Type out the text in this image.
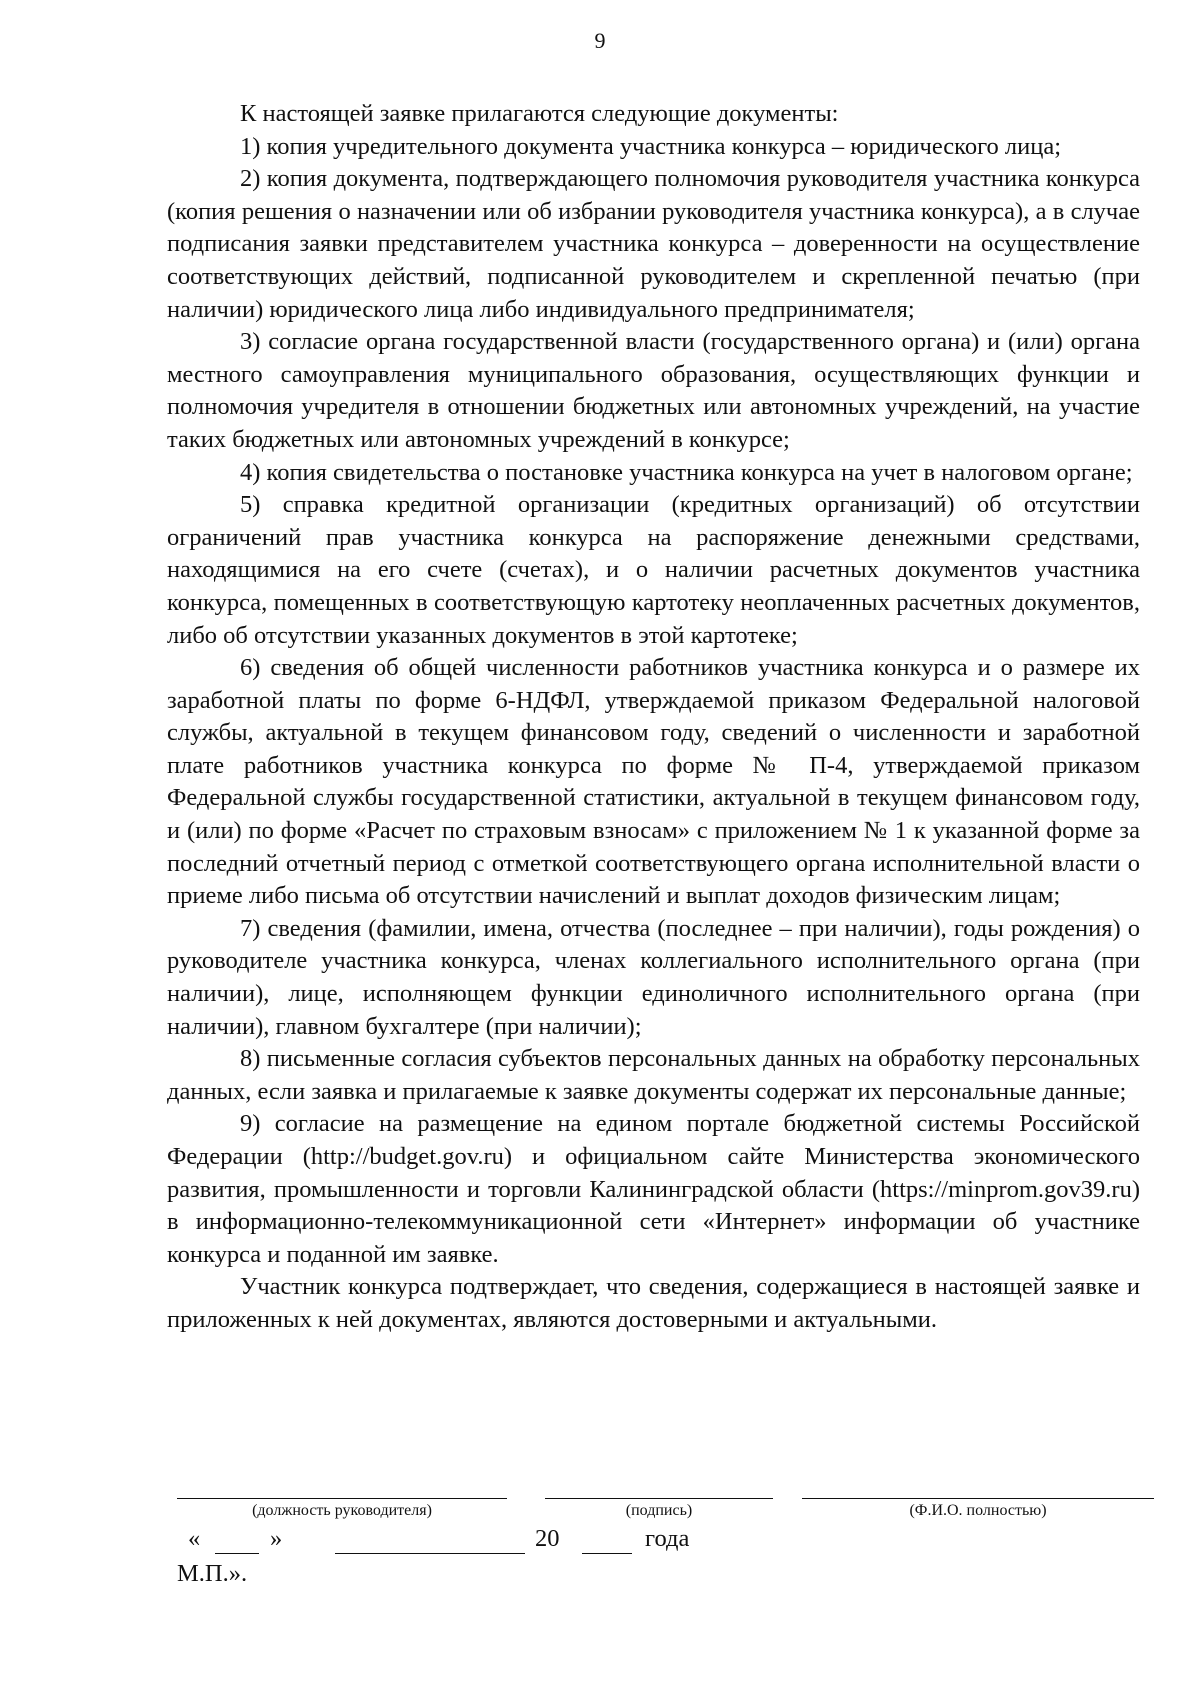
9

К настоящей заявке прилагаются следующие документы:

1) копия учредительного документа участника конкурса – юридического лица;

2) копия документа, подтверждающего полномочия руководителя участника конкурса (копия решения о назначении или об избрании руководителя участника конкурса), а в случае подписания заявки представителем участника конкурса – доверенности на осуществление соответствующих действий, подписанной руководителем и скрепленной печатью (при наличии) юридического лица либо индивидуального предпринимателя;

3) согласие органа государственной власти (государственного органа) и (или) органа местного самоуправления муниципального образования, осуществляющих функции и полномочия учредителя в отношении бюджетных или автономных учреждений, на участие таких бюджетных или автономных учреждений в конкурсе;

4) копия свидетельства о постановке участника конкурса на учет в налоговом органе;

5) справка кредитной организации (кредитных организаций) об отсутствии ограничений прав участника конкурса на распоряжение денежными средствами, находящимися на его счете (счетах), и о наличии расчетных документов участника конкурса, помещенных в соответствующую картотеку неоплаченных расчетных документов, либо об отсутствии указанных документов в этой картотеке;

6) сведения об общей численности работников участника конкурса и о размере их заработной платы по форме 6-НДФЛ, утверждаемой приказом Федеральной налоговой службы, актуальной в текущем финансовом году, сведений о численности и заработной плате работников участника конкурса по форме № П-4, утверждаемой приказом Федеральной службы государственной статистики, актуальной в текущем финансовом году, и (или) по форме «Расчет по страховым взносам» с приложением № 1 к указанной форме за последний отчетный период с отметкой соответствующего органа исполнительной власти о приеме либо письма об отсутствии начислений и выплат доходов физическим лицам;

7) сведения (фамилии, имена, отчества (последнее – при наличии), годы рождения) о руководителе участника конкурса, членах коллегиального исполнительного органа (при наличии), лице, исполняющем функции единоличного исполнительного органа (при наличии), главном бухгалтере (при наличии);

8) письменные согласия субъектов персональных данных на обработку персональных данных, если заявка и прилагаемые к заявке документы содержат их персональные данные;

9) согласие на размещение на едином портале бюджетной системы Российской Федерации (http://budget.gov.ru) и официальном сайте Министерства экономического развития, промышленности и торговли Калининградской области (https://minprom.gov39.ru) в информационно-телекоммуникационной сети «Интернет» информации об участнике конкурса и поданной им заявке.

Участник конкурса подтверждает, что сведения, содержащиеся в настоящей заявке и приложенных к ней документах, являются достоверными и актуальными.

(должность руководителя)	(подпись)	(Ф.И.О. полностью)
«	»	20	года
М.П.».
